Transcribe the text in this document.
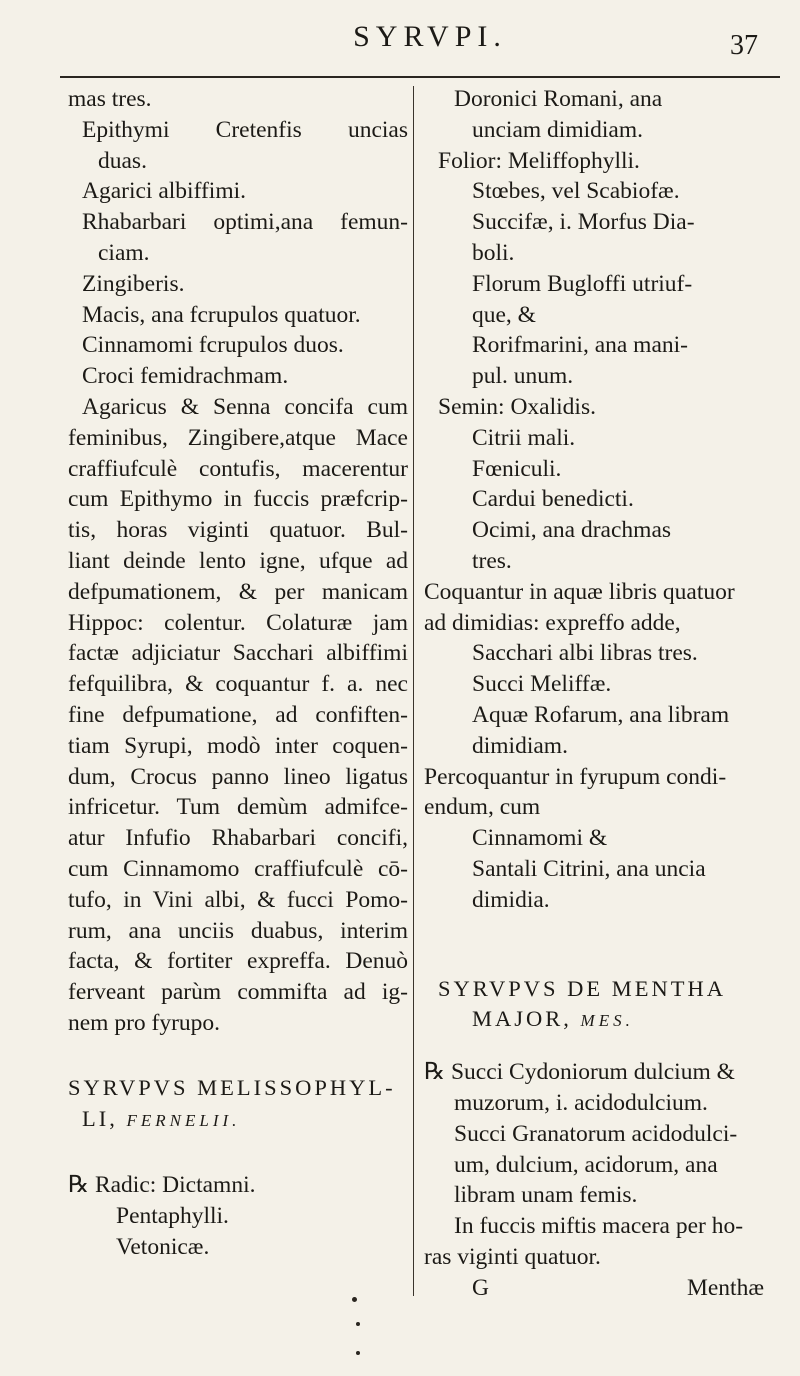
SYRVPI.	37
mas tres.
Epithymi Cretenfis uncias
duas.
Agarici albiffimi.
Rhabarbari optimi,ana femun-
ciam.
Zingiberis.
Macis, ana fcrupulos quatuor.
Cinnamomi fcrupulos duos.
Croci femidrachmam.
Agaricus & Senna concifa cum
feminibus, Zingibere,atque Mace
craffiufculè contufis, macerentur
cum Epithymo in fuccis præfcrip-
tis, horas viginti quatuor. Bul-
liant deinde lento igne, ufque ad
defpumationem, & per manicam
Hippoc: colentur. Colaturæ jam
factæ adjiciatur Sacchari albiffimi
fefquilibra, & coquantur f. a. nec
fine defpumatione, ad confiften-
tiam Syrupi, modò inter coquen-
dum, Crocus panno lineo ligatus
infricetur. Tum demùm admifce-
atur Infufio Rhabarbari concifi,
cum Cinnamomo craffiufculè cō-
tufo, in Vini albi, & fucci Pomo-
rum, ana unciis duabus, interim
facta, & fortiter expreffa. Denuò
ferveant parùm commifta ad ig-
nem pro fyrupo.
SYRVPVS MELISSOPHYL-
LI, FERNELII.
℞ Radic: Dictamni.
Pentaphylli.
Vetonicæ.
Doronici Romani, ana
unciam dimidiam.
Folior: Meliffophylli.
Stœbes, vel Scabiofæ.
Succifæ, i. Morfus Dia-
boli.
Florum Bugloffi utriuf-
que, &
Rorifmarini, ana mani-
pul. unum.
Semin: Oxalidis.
Citrii mali.
Fœniculi.
Cardui benedicti.
Ocimi, ana drachmas
tres.
Coquantur in aquæ libris quatuor
ad dimidias: expreffo adde,
Sacchari albi libras tres.
Succi Meliffæ.
Aquæ Rofarum, ana libram
dimidiam.
Percoquantur in fyrupum condi-
endum, cum
Cinnamomi &
Santali Citrini, ana uncia
dimidia.
SYRVPVS DE MENTHA
MAJOR, MES.
℞ Succi Cydoniorum dulcium &
muzorum, i. acidodulcium.
Succi Granatorum acidodulci-
um, dulcium, acidorum, ana
libram unam femis.
In fuccis miftis macera per ho-
ras viginti quatuor.
G	Menthæ
